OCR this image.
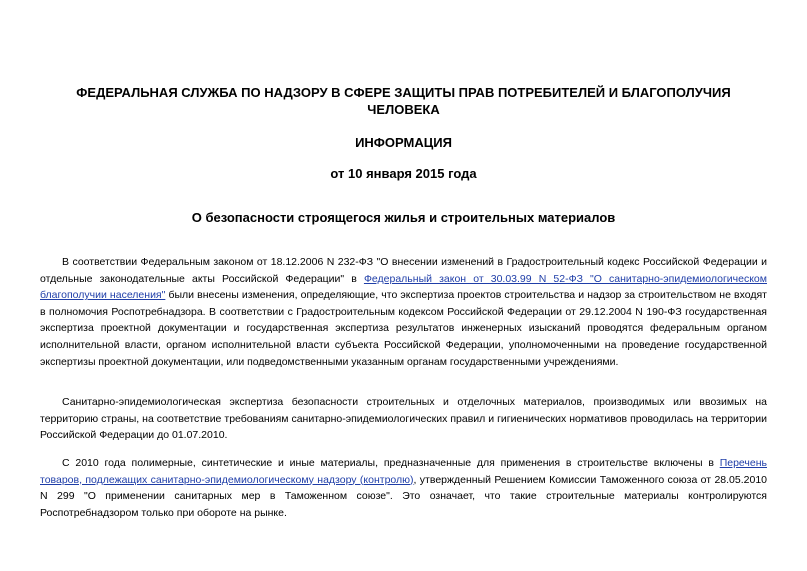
ФЕДЕРАЛЬНАЯ СЛУЖБА ПО НАДЗОРУ В СФЕРЕ ЗАЩИТЫ ПРАВ ПОТРЕБИТЕЛЕЙ И БЛАГОПОЛУЧИЯ ЧЕЛОВЕКА
ИНФОРМАЦИЯ
от 10 января 2015 года
О безопасности строящегося жилья и строительных материалов

В соответствии Федеральным законом от 18.12.2006 N 232-ФЗ "О внесении изменений в Градостроительный кодекс Российской Федерации и отдельные законодательные акты Российской Федерации" в Федеральный закон от 30.03.99 N 52-ФЗ "О санитарно-эпидемиологическом благополучии населения" были внесены изменения, определяющие, что экспертиза проектов строительства и надзор за строительством не входят в полномочия Роспотребнадзора. В соответствии с Градостроительным кодексом Российской Федерации от 29.12.2004 N 190-ФЗ государственная экспертиза проектной документации и государственная экспертиза результатов инженерных изысканий проводятся федеральным органом исполнительной власти, органом исполнительной власти субъекта Российской Федерации, уполномоченными на проведение государственной экспертизы проектной документации, или подведомственными указанным органам государственными учреждениями.

Санитарно-эпидемиологическая экспертиза безопасности строительных и отделочных материалов, производимых или ввозимых на территорию страны, на соответствие требованиям санитарно-эпидемиологических правил и гигиенических нормативов проводилась на территории Российской Федерации до 01.07.2010.

С 2010 года полимерные, синтетические и иные материалы, предназначенные для применения в строительстве включены в Перечень товаров, подлежащих санитарно-эпидемиологическому надзору (контролю), утвержденный Решением Комиссии Таможенного союза от 28.05.2010 N 299 "О применении санитарных мер в Таможенном союзе". Это означает, что такие строительные материалы контролируются Роспотребнадзором только при обороте на рынке.
